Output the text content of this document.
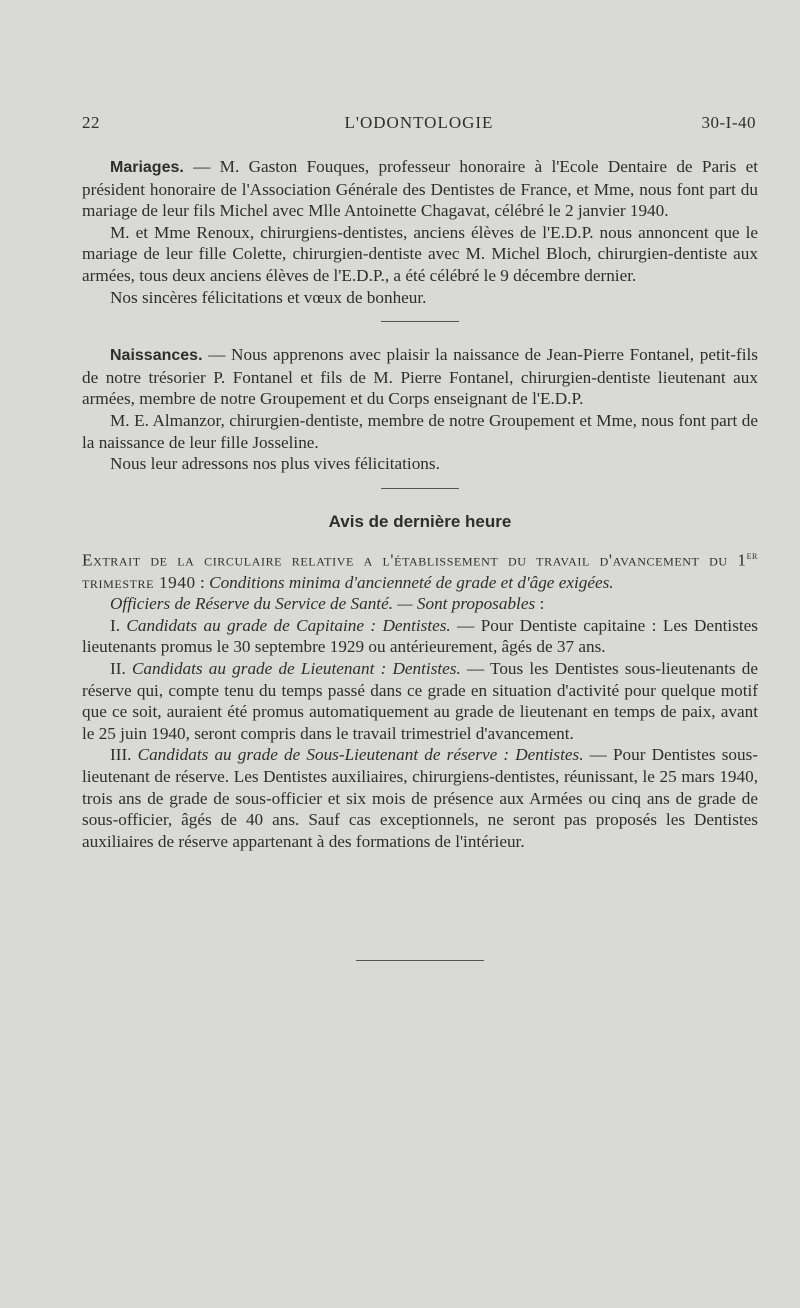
22	L'ODONTOLOGIE	30-I-40

Mariages. — M. Gaston Fouques, professeur honoraire à l'Ecole Dentaire de Paris et président honoraire de l'Association Générale des Dentistes de France, et Mme, nous font part du mariage de leur fils Michel avec Mlle Antoinette Chagavat, célébré le 2 janvier 1940.

M. et Mme Renoux, chirurgiens-dentistes, anciens élèves de l'E.D.P. nous annoncent que le mariage de leur fille Colette, chirurgien-dentiste avec M. Michel Bloch, chirurgien-dentiste aux armées, tous deux anciens élèves de l'E.D.P., a été célébré le 9 décembre dernier.

Nos sincères félicitations et vœux de bonheur.

Naissances. — Nous apprenons avec plaisir la naissance de Jean-Pierre Fontanel, petit-fils de notre trésorier P. Fontanel et fils de M. Pierre Fontanel, chirurgien-dentiste lieutenant aux armées, membre de notre Groupement et du Corps enseignant de l'E.D.P.

M. E. Almanzor, chirurgien-dentiste, membre de notre Groupement et Mme, nous font part de la naissance de leur fille Josseline.

Nous leur adressons nos plus vives félicitations.

Avis de dernière heure

Extrait de la circulaire relative a l'établissement du travail d'avancement du 1er trimestre 1940 : Conditions minima d'ancienneté de grade et d'âge exigées.

Officiers de Réserve du Service de Santé. — Sont proposables :

I. Candidats au grade de Capitaine : Dentistes. — Pour Dentiste capitaine : Les Dentistes lieutenants promus le 30 septembre 1929 ou antérieurement, âgés de 37 ans.

II. Candidats au grade de Lieutenant : Dentistes. — Tous les Dentistes sous-lieutenants de réserve qui, compte tenu du temps passé dans ce grade en situation d'activité pour quelque motif que ce soit, auraient été promus automatiquement au grade de lieutenant en temps de paix, avant le 25 juin 1940, seront compris dans le travail trimestriel d'avancement.

III. Candidats au grade de Sous-Lieutenant de réserve : Dentistes. — Pour Dentistes sous-lieutenant de réserve. Les Dentistes auxiliaires, chirurgiens-dentistes, réunissant, le 25 mars 1940, trois ans de grade de sous-officier et six mois de présence aux Armées ou cinq ans de grade de sous-officier, âgés de 40 ans. Sauf cas exceptionnels, ne seront pas proposés les Dentistes auxiliaires de réserve appartenant à des formations de l'intérieur.
